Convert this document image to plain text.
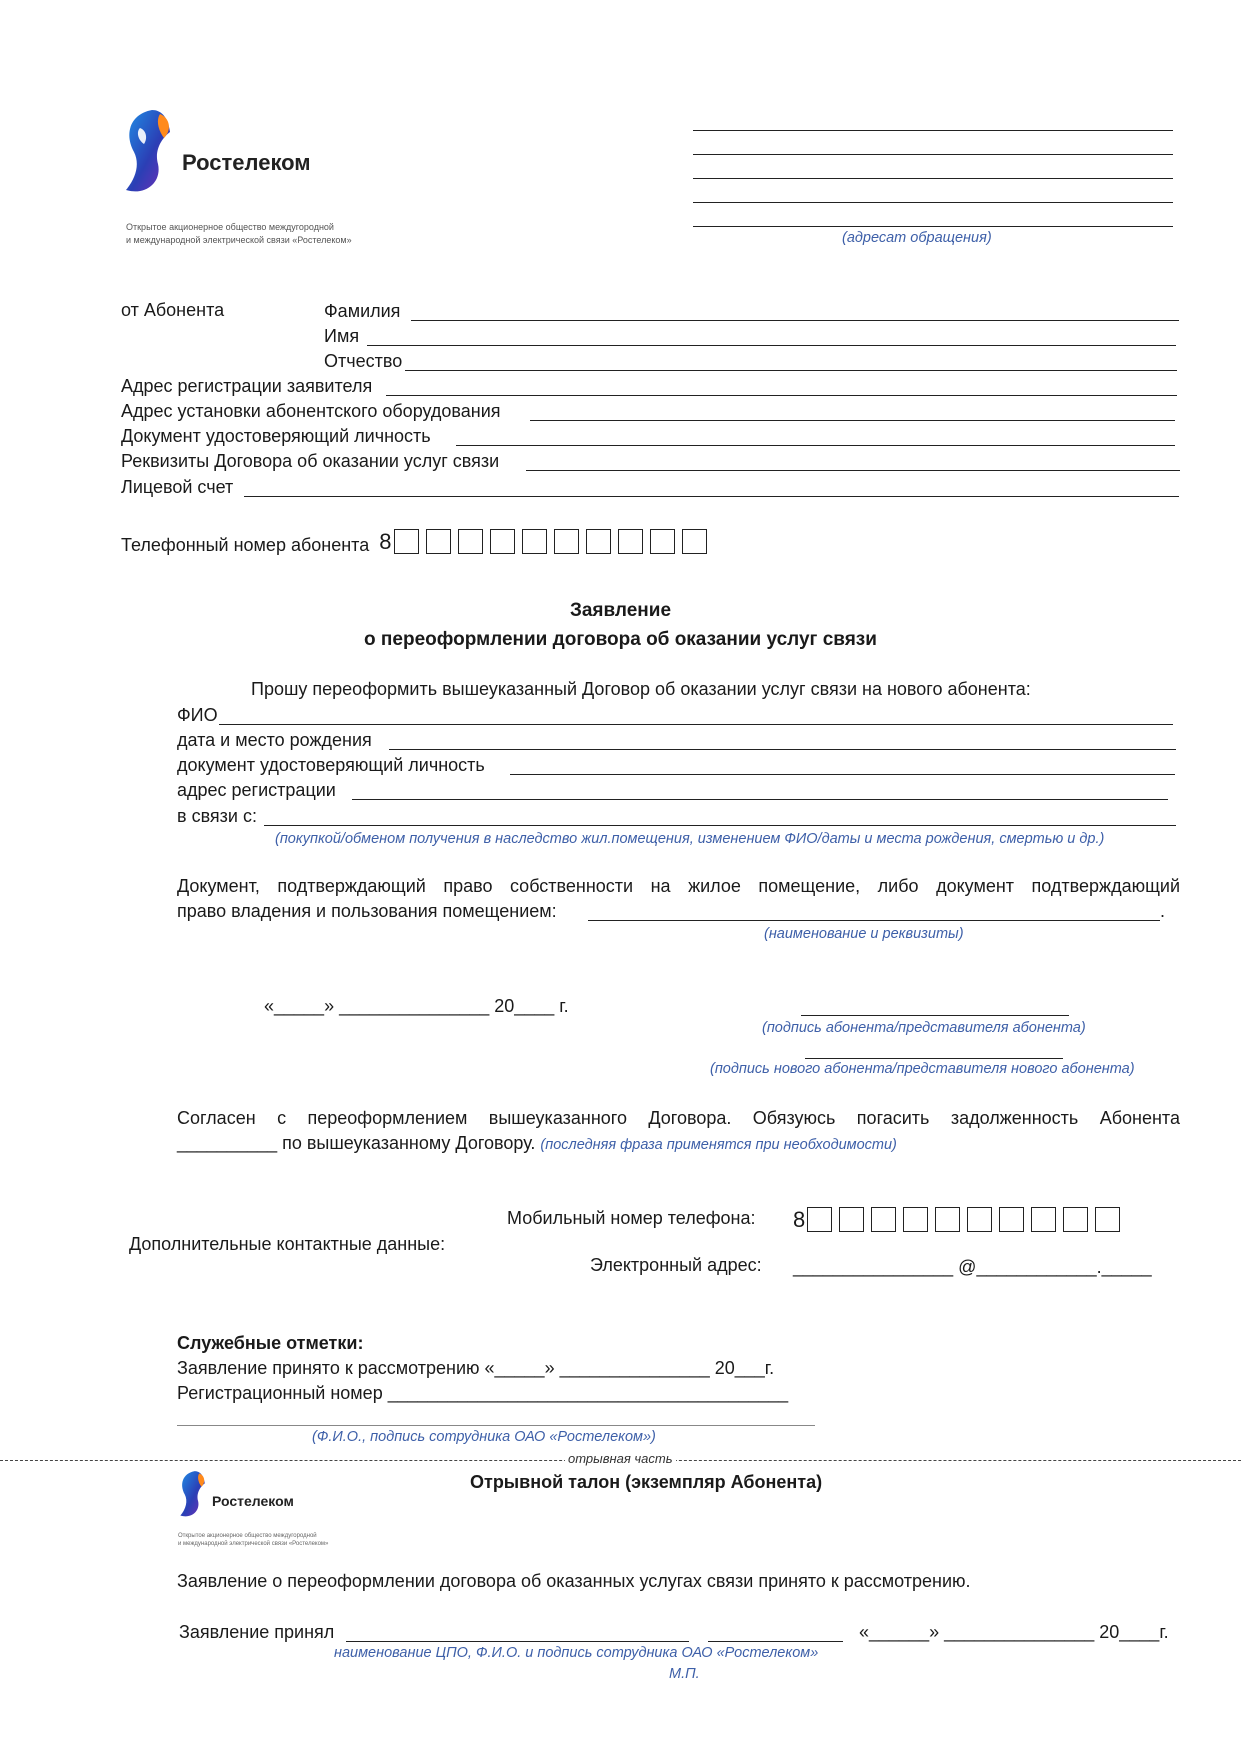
Ростелеком
Открытое акционерное общество междугородной
и международной электрической связи «Ростелеком»	(адресат обращения)
от Абонента	Фамилия
Имя
Отчество
Адрес регистрации заявителя
Адрес установки абонентского оборудования
Документ удостоверяющий личность
Реквизиты Договора об оказании услуг связи
Лицевой счет
Телефонный номер абонента 8
Заявление
о переоформлении договора об оказании услуг связи
Прошу переоформить вышеуказанный Договор об оказании услуг связи на нового абонента:
ФИО
дата и место рождения
документ удостоверяющий личность
адрес регистрации
в связи с:
(покупкой/обменом получения в наследство жил.помещения, изменением ФИО/даты и места рождения, смертью и др.)
Документ, подтверждающий право собственности на жилое помещение, либо документ подтверждающий
право владения и пользования помещением:	.
(наименование и реквизиты)
«_____» _______________ 20____ г.
(подпись абонента/представителя абонента)
(подпись нового абонента/представителя нового абонента)
Согласен с переоформлением вышеуказанного Договора. Обязуюсь погасить задолженность Абонента
__________ по вышеуказанному Договору. (последняя фраза применятся при необходимости)
Дополнительные контактные данные:
Мобильный номер телефона: 8
Электронный адрес: ________________ @____________._____
Служебные отметки:
Заявление принято к рассмотрению «_____» _______________ 20___г.
Регистрационный номер ________________________________________
(Ф.И.О., подпись сотрудника ОАО «Ростелеком»)
отрывная часть
Ростелеком
Открытое акционерное общество междугородной
и международной электрической связи «Ростелеком»
Отрывной талон (экземпляр Абонента)
Заявление о переоформлении договора об оказанных услугах связи принято к рассмотрению.
Заявление принял	«______» _______________ 20____г.
наименование ЦПО, Ф.И.О. и подпись сотрудника ОАО «Ростелеком»
М.П.
